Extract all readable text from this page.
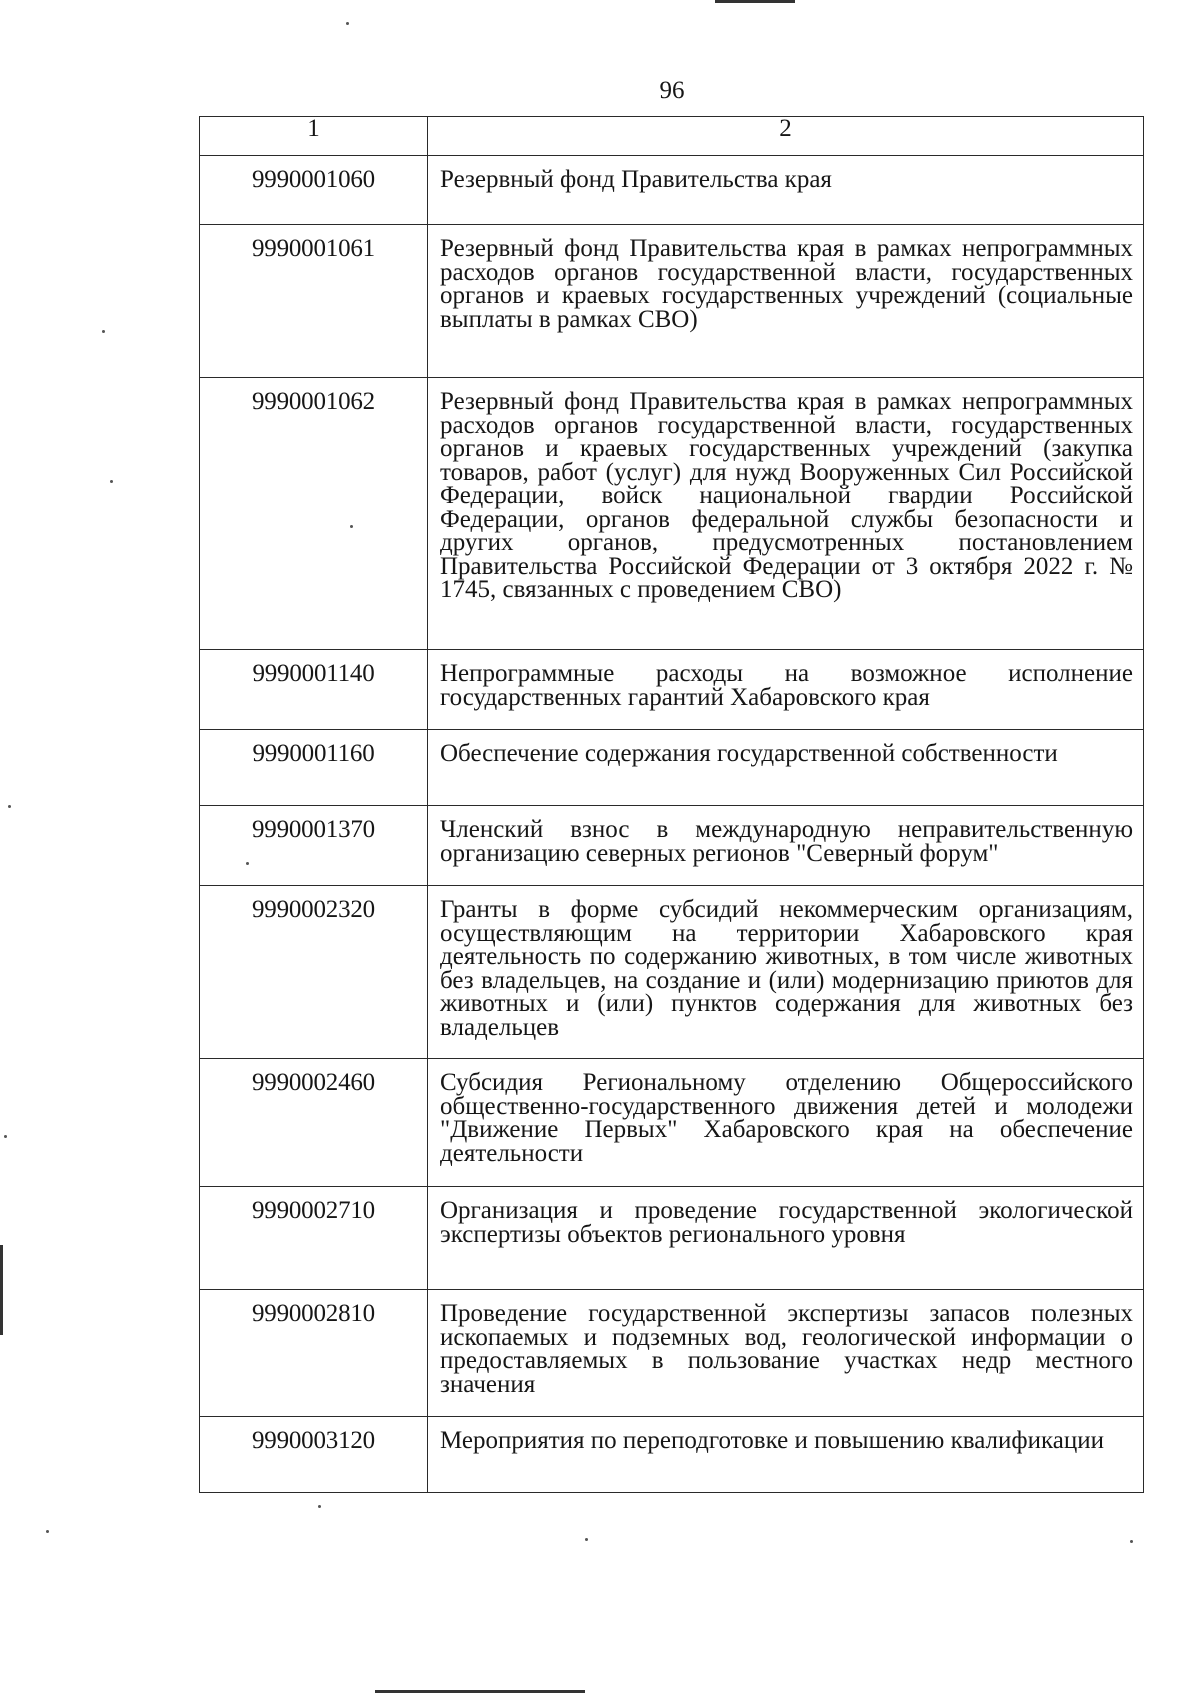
96
1	2
9990001060	Резервный фонд Правительства края
9990001061	Резервный фонд Правительства края в рамках непрограммных расходов органов государственной власти, государственных органов и краевых государственных учреждений (социальные выплаты в рамках СВО)
9990001062	Резервный фонд Правительства края в рамках непрограммных расходов органов государственной власти, государственных органов и краевых государственных учреждений (закупка товаров, работ (услуг) для нужд Вооруженных Сил Российской Федерации, войск национальной гвардии Российской Федерации, органов федеральной службы безопасности и других органов, предусмотренных постановлением Правительства Российской Федерации от 3 октября 2022 г. № 1745, связанных с проведением СВО)
9990001140	Непрограммные расходы на возможное исполнение государственных гарантий Хабаровского края
9990001160	Обеспечение содержания государственной собственности
9990001370	Членский взнос в международную неправительственную организацию северных регионов "Северный форум"
9990002320	Гранты в форме субсидий некоммерческим организациям, осуществляющим на территории Хабаровского края деятельность по содержанию животных, в том числе животных без владельцев, на создание и (или) модернизацию приютов для животных и (или) пунктов содержания для животных без владельцев
9990002460	Субсидия Региональному отделению Общероссийского общественно-государственного движения детей и молодежи "Движение Первых" Хабаровского края на обеспечение деятельности
9990002710	Организация и проведение государственной экологической экспертизы объектов регионального уровня
9990002810	Проведение государственной экспертизы запасов полезных ископаемых и подземных вод, геологической информации о предоставляемых в пользование участках недр местного значения
9990003120	Мероприятия по переподготовке и повышению квалификации
